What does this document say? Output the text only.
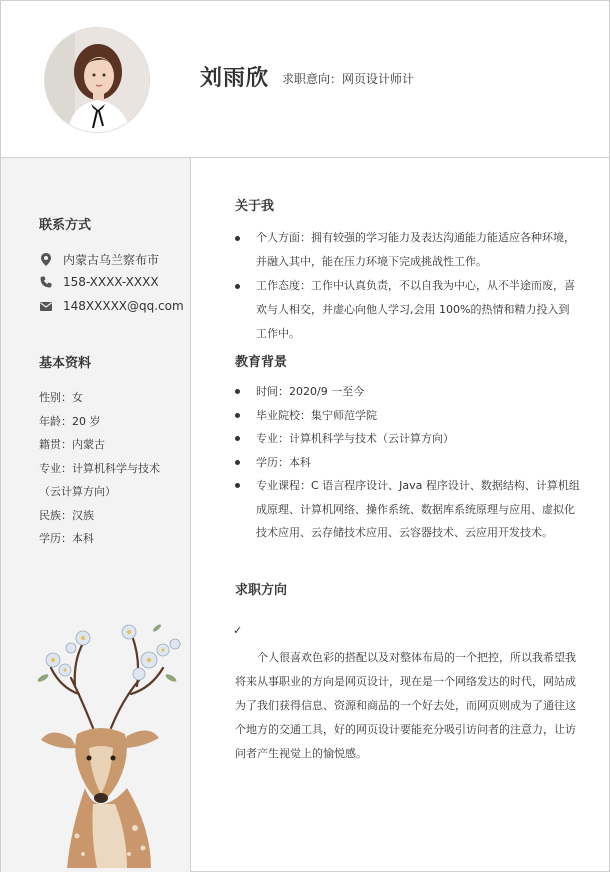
刘雨欣 求职意向：网页设计师计
联系方式
内蒙古乌兰察布市
158-XXXX-XXXX
148XXXXX@qq.com
基本资料
性别：女
年龄：20 岁
籍贯：内蒙古
专业：计算机科学与技术（云计算方向）
民族：汉族
学历：本科
关于我
个人方面：拥有较强的学习能力及表达沟通能力能适应各种环境，并融入其中，能在压力环境下完成挑战性工作。
工作态度：工作中认真负责，不以自我为中心，从不半途而废，喜欢与人相交，并虚心向他人学习,会用 100%的热情和精力投入到工作中。
教育背景
时间：2020/9 一至今
毕业院校：集宁师范学院
专业：计算机科学与技术（云计算方向）
学历：本科
专业课程：C 语言程序设计、Java 程序设计、数据结构、计算机组成原理、计算机网络、操作系统、数据库系统原理与应用、虚拟化技术应用、云存储技术应用、云容器技术、云应用开发技术。
求职方向
✓

个人很喜欢色彩的搭配以及对整体布局的一个把控，所以我希望我将来从事职业的方向是网页设计，现在是一个网络发达的时代，网站成为了我们获得信息、资源和商品的一个好去处，而网页则成为了通往这个地方的交通工具，好的网页设计要能充分吸引访问者的注意力，让访问者产生视觉上的愉悦感。
